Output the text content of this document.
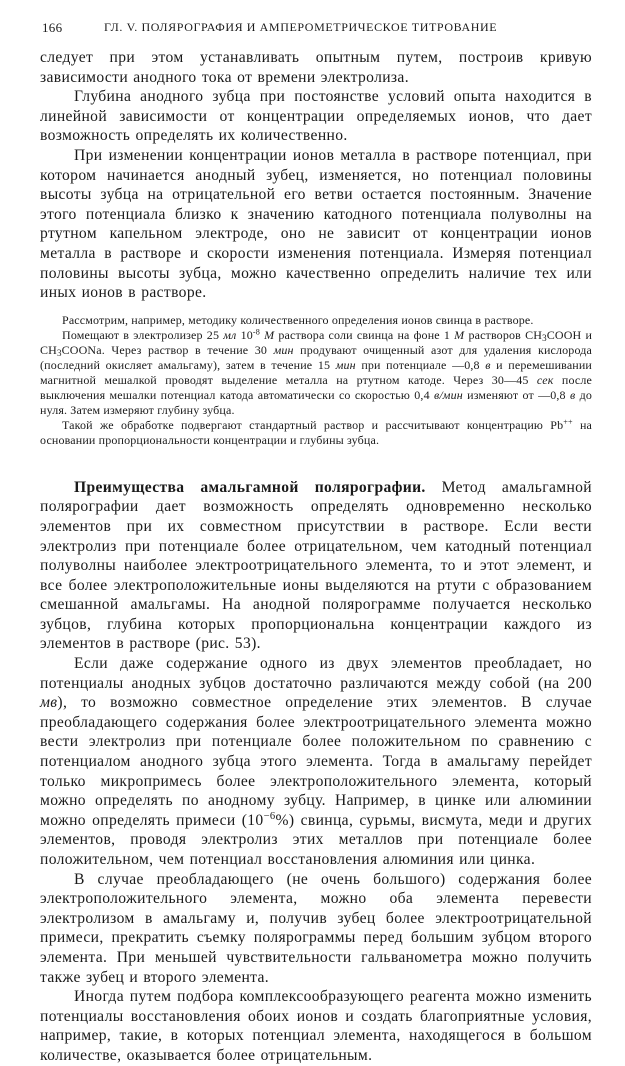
166	ГЛ. V. ПОЛЯРОГРАФИЯ И АМПЕРОМЕТРИЧЕСКОЕ ТИТРОВАНИЕ

следует при этом устанавливать опытным путем, построив кривую зависимости анодного тока от времени электролиза.

Глубина анодного зубца при постоянстве условий опыта находится в линейной зависимости от концентрации определяемых ионов, что дает возможность определять их количественно.

При изменении концентрации ионов металла в растворе потенциал, при котором начинается анодный зубец, изменяется, но потенциал половины высоты зубца на отрицательной его ветви остается постоянным. Значение этого потенциала близко к значению катодного потенциала полуволны на ртутном капельном электроде, оно не зависит от концентрации ионов металла в растворе и скорости изменения потенциала. Измеряя потенциал половины высоты зубца, можно качественно определить наличие тех или иных ионов в растворе.

Рассмотрим, например, методику количественного определения ионов свинца в растворе.

Помещают в электролизер 25 мл $10^{-8}$ М раствора соли свинца на фоне 1 М растворов $CH_3COOH$ и $CH_3COONa$. Через раствор в течение 30 мин продувают очищенный азот для удаления кислорода (последний окисляет амальгаму), затем в течение 15 мин при потенциале —0,8 в и перемешивании магнитной мешалкой проводят выделение металла на ртутном катоде. Через 30—45 сек после выключения мешалки потенциал катода автоматически со скоростью 0,4 в/мин изменяют от —0,8 в до нуля. Затем измеряют глубину зубца.

Такой же обработке подвергают стандартный раствор и рассчитывают концентрацию Pb++ на основании пропорциональности концентрации и глубины зубца.

Преимущества амальгамной полярографии. Метод амальгамной полярографии дает возможность определять одновременно несколько элементов при их совместном присутствии в растворе. Если вести электролиз при потенциале более отрицательном, чем катодный потенциал полуволны наиболее электроотрицательного элемента, то и этот элемент, и все более электроположительные ионы выделяются на ртути с образованием смешанной амальгамы. На анодной полярограмме получается несколько зубцов, глубина которых пропорциональна концентрации каждого из элементов в растворе (рис. 53).

Если даже содержание одного из двух элементов преобладает, но потенциалы анодных зубцов достаточно различаются между собой (на 200 мв), то возможно совместное определение этих элементов. В случае преобладающего содержания более электроотрицательного элемента можно вести электролиз при потенциале более положительном по сравнению с потенциалом анодного зубца этого элемента. Тогда в амальгаму перейдет только микропримесь более электроположительного элемента, который можно определять по анодному зубцу. Например, в цинке или алюминии можно определять примеси $(10^{-6}\%)$ свинца, сурьмы, висмута, меди и других элементов, проводя электролиз этих металлов при потенциале более положительном, чем потенциал восстановления алюминия или цинка.

В случае преобладающего (не очень большого) содержания более электроположительного элемента, можно оба элемента перевести электролизом в амальгаму и, получив зубец более электроотрицательной примеси, прекратить съемку полярограммы перед большим зубцом второго элемента. При меньшей чувствительности гальванометра можно получить также зубец и второго элемента.

Иногда путем подбора комплексообразующего реагента можно изменить потенциалы восстановления обоих ионов и создать благоприятные условия, например, такие, в которых потенциал элемента, находящегося в большом количестве, оказывается более отрицательным.
